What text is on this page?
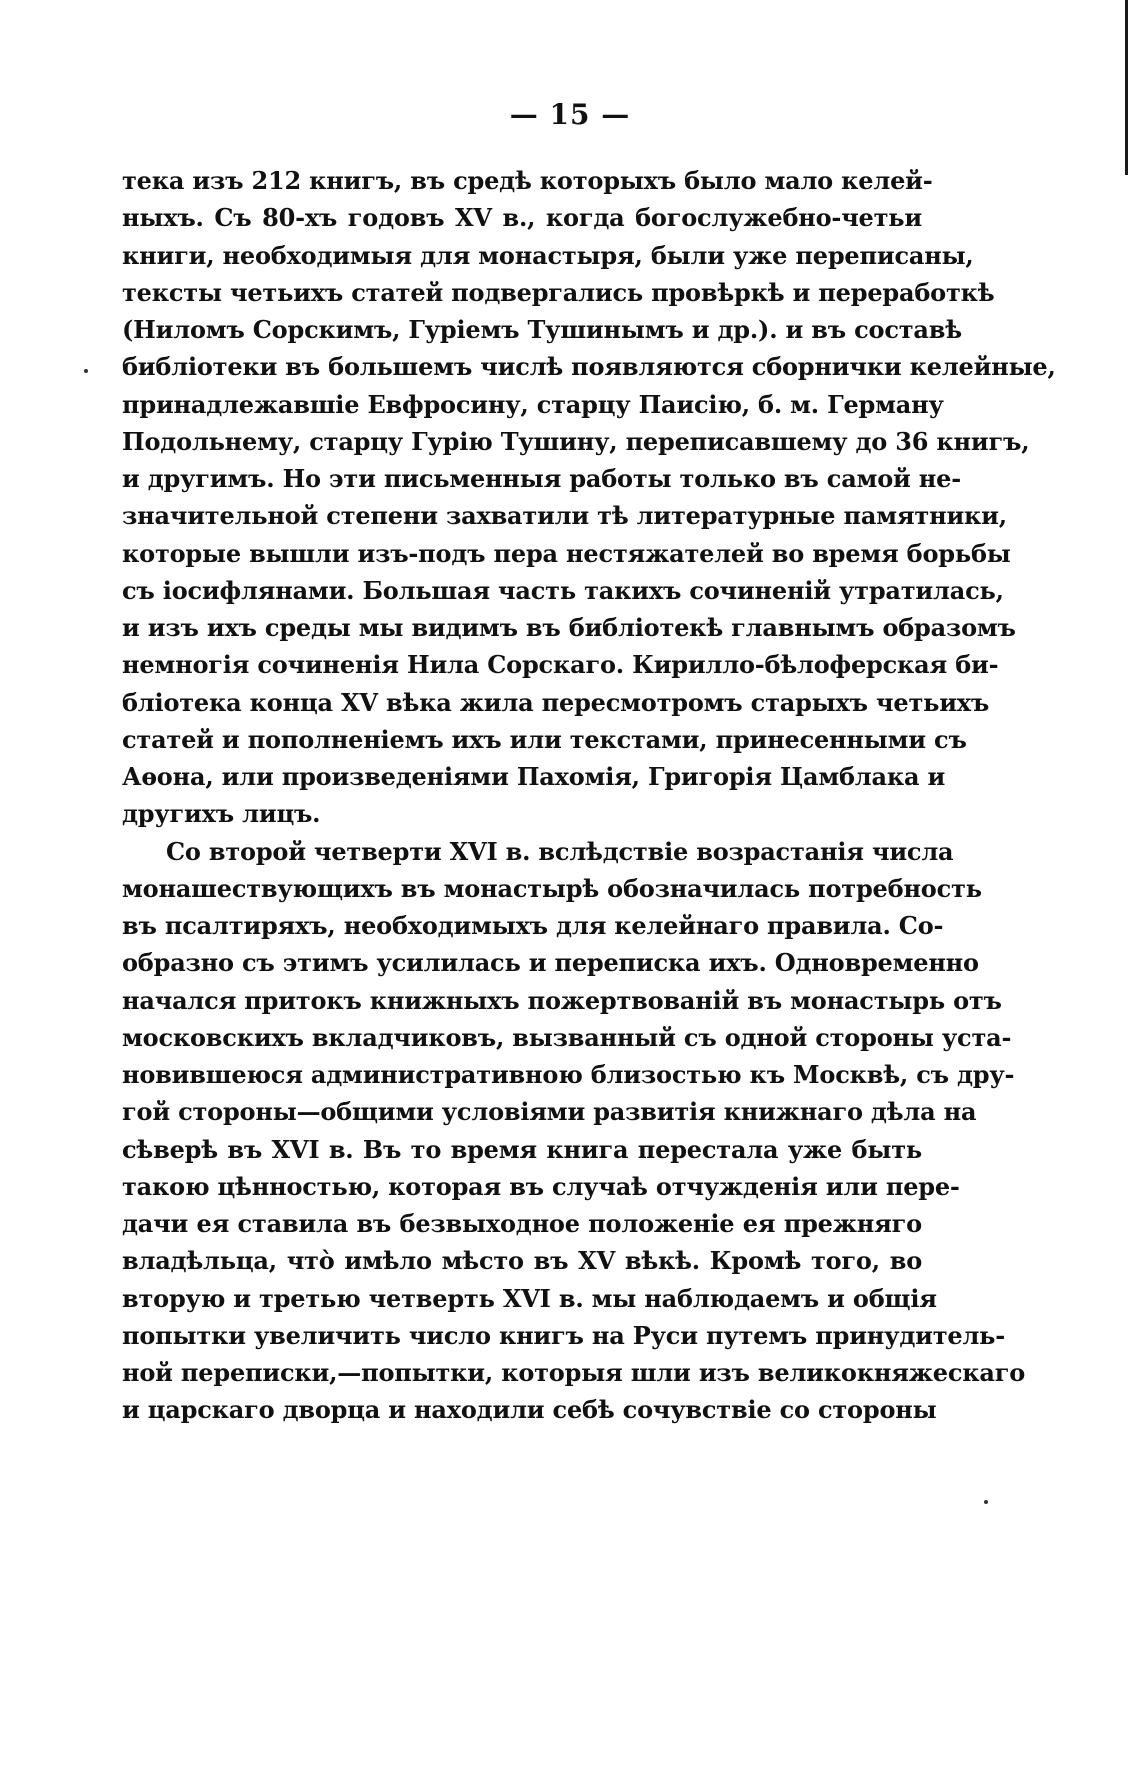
— 15 —
тека изъ 212 книгъ, въ средѣ которыхъ было мало келей-
ныхъ. Съ 80-хъ годовъ XV в., когда богослужебно-четьи
книги, необходимыя для монастыря, были уже переписаны,
тексты четьихъ статей подвергались провѣркѣ и переработкѣ
(Ниломъ Сорскимъ, Гуріемъ Тушинымъ и др.). и въ составѣ
библіотеки въ большемъ числѣ появляются сборнички келейные,
принадлежавшіе Евфросину, старцу Паисію, б. м. Герману
Подольнему, старцу Гурію Тушину, переписавшему до 36 книгъ,
и другимъ. Но эти письменныя работы только въ самой не-
значительной степени захватили тѣ литературные памятники,
которые вышли изъ-подъ пера нестяжателей во время борьбы
съ іосифлянами. Большая часть такихъ сочиненій утратилась,
и изъ ихъ среды мы видимъ въ библіотекѣ главнымъ образомъ
немногія сочиненія Нила Сорскаго. Кирилло-бѣлоферская би-
бліотека конца XV вѣка жила пересмотромъ старыхъ четьихъ
статей и пополненіемъ ихъ или текстами, принесенными съ
Аѳона, или произведеніями Пахомія, Григорія Цамблака и
другихъ лицъ.
Со второй четверти XVI в. вслѣдствіе возрастанія числа
монашествующихъ въ монастырѣ обозначилась потребность
въ псалтиряхъ, необходимыхъ для келейнаго правила. Со-
образно съ этимъ усилилась и переписка ихъ. Одновременно
начался притокъ книжныхъ пожертвованій въ монастырь отъ
московскихъ вкладчиковъ, вызванный съ одной стороны уста-
новившеюся административною близостью къ Москвѣ, съ дру-
гой стороны—общими условіями развитія книжнаго дѣла на
сѣверѣ въ XVI в. Въ то время книга перестала уже быть
такою цѣнностью, которая въ случаѣ отчужденія или пере-
дачи ея ставила въ безвыходное положеніе ея прежняго
владѣльца, чтò имѣло мѣсто въ XV вѣкѣ. Кромѣ того, во
вторую и третью четверть XVI в. мы наблюдаемъ и общія
попытки увеличить число книгъ на Руси путемъ принудитель-
ной переписки,—попытки, которыя шли изъ великокняжескаго
и царскаго дворца и находили себѣ сочувствіе со стороны
